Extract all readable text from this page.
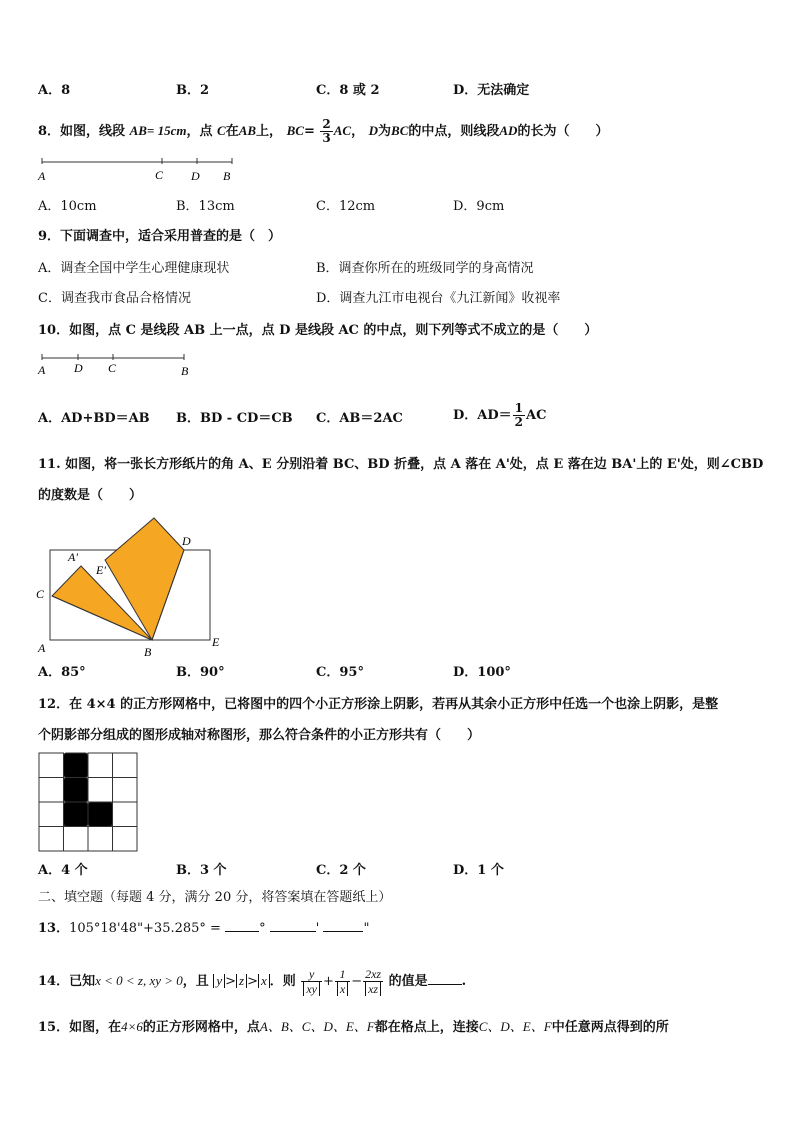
A．8	B．2	C．8 或 2	D．无法确定
8．如图，线段 AB= 15cm，点 C在AB上， $BC= \frac{2}{3}$ AC， D为BC的中点，则线段AD的长为（　　）
A	C D B
A．10cm	B．13cm	C．12cm	D．9cm
9．下面调查中，适合采用普查的是（　）
A．调查全国中学生心理健康现状	B．调查你所在的班级同学的身高情况
C．调查我市食品合格情况	D．调查九江市电视台《九江新闻》收视率
10．如图，点 C 是线段 AB 上一点，点 D 是线段 AC 的中点，则下列等式不成立的是（　　）
A D C	B
A．AD+BD＝AB B．BD - CD＝CB C．AB＝2AC	D．$AD= \frac{1}{2}$ AC
11. 如图，将一张长方形纸片的角 A、E 分别沿着 BC、BD 折叠，点 A 落在 A'处，点 E 落在边 BA'上的 E'处，则∠CBD
的度数是（　　）
A'
E'
C
D
A	B
E
A．85°	B．90°	C．95°	D．100°
12．在 4×4 的正方形网格中，已将图中的四个小正方形涂上阴影，若再从其余小正方形中任选一个也涂上阴影，是整
个阴影部分组成的图形成轴对称图形，那么符合条件的小正方形共有（　　）
A．4 个	B．3 个	C．2 个	D．1 个
二、填空题（每题 4 分，满分 20 分，将答案填在答题纸上）
13．105°18'48"+35.285° =	°	'	"
14．已知x < 0 < z, xy > 0，且 y > z > x ．则 $\frac{y}{xy} + \frac{1}{x} - \frac{2xz}{xz}$ 的值是	.
15．如图，在4×6的正方形网格中，点A、B、C、D、E、F都在格点上，连接C、D、E、F中任意两点得到的所
